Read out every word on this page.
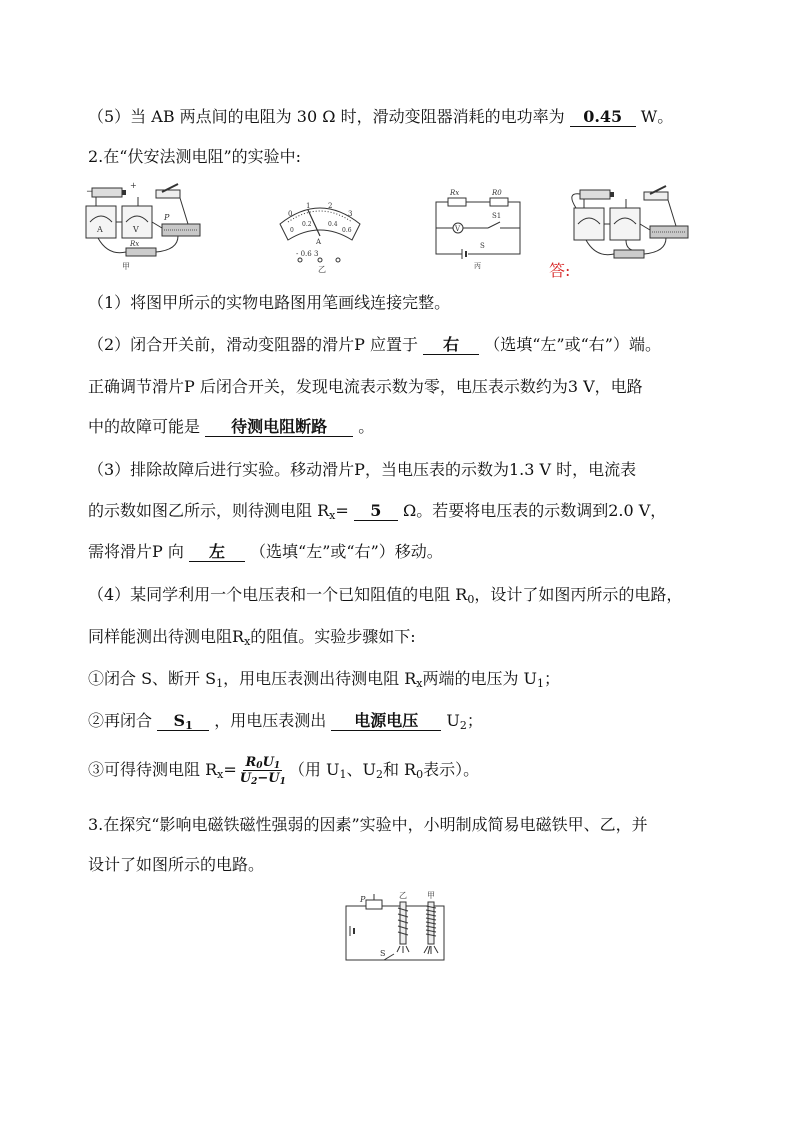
（5）当 AB 两点间的电阻为 30 Ω 时，滑动变阻器消耗的电功率为 0.45 W。
2.在“伏安法测电阻”的实验中:
−
+
A	V
P
Rx
甲
0
1	2
3
0
0.2	0.4
0.6
A
- 0.6 3
乙
Rx	R0
V
S1
S
丙	答:
（1）将图甲所示的实物电路图用笔画线连接完整。
（2）闭合开关前，滑动变阻器的滑片P 应置于 右 （选填“左”或“右”）端。
正确调节滑片P 后闭合开关，发现电流表示数为零，电压表示数约为3 V，电路
中的故障可能是 待测电阻断路 。
（3）排除故障后进行实验。移动滑片P，当电压表的示数为1.3 V 时，电流表
的示数如图乙所示，则待测电阻 $R_x= 5$ Ω。若要将电压表的示数调到2.0 V，
需将滑片P 向 左 （选填“左”或“右”）移动。
（4）某同学利用一个电压表和一个已知阻值的电阻 $R_0$，设计了如图丙所示的电路，
同样能测出待测电阻$R_x$的阻值。实验步骤如下:
①闭合 S、断开 $S_1$，用电压表测出待测电阻 $R_x$两端的电压为 $U_1$；
②再闭合 $S_1$ ，用电压表测出 电源电压 $U_2$；
③可得待测电阻 $R_x= \frac{R_0U_1}{U_2-U_1}$ （用 $U_1$、$U_2$和 $R_0$表示）。
3.在探究“影响电磁铁磁性强弱的因素”实验中，小明制成简易电磁铁甲、乙，并
设计了如图所示的电路。
P	乙	甲
S
